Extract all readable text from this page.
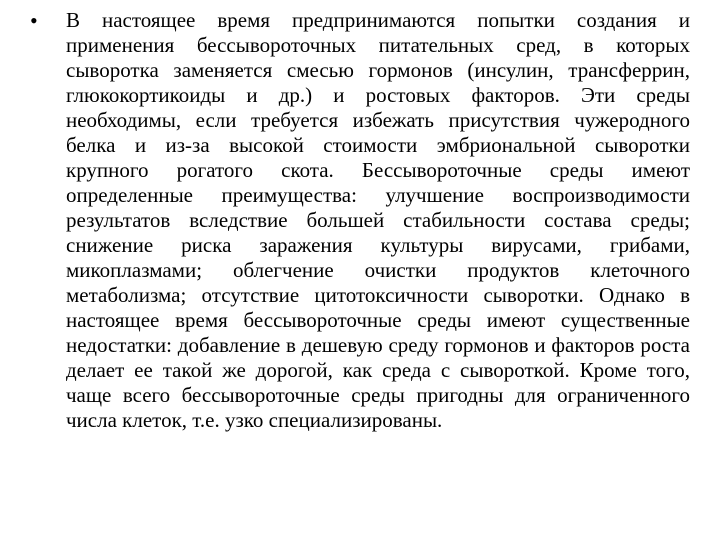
•	В настоящее время предпринимаются попытки создания и применения бессывороточных питательных сред, в которых сыворотка заменяется смесью гормонов (инсулин, трансферрин, глюкокортикоиды и др.) и ростовых факторов. Эти среды необходимы, если требуется избежать присутствия чужеродного белка и из-за высокой стоимости эмбриональной сыворотки крупного рогатого скота. Бессывороточные среды имеют определенные преимущества: улучшение воспроизводимости результатов вследствие большей стабильности состава среды; снижение риска заражения культуры вирусами, грибами, микоплазмами; облегчение очистки продуктов клеточного метаболизма; отсутствие цитотоксичности сыворотки. Однако в настоящее время бессывороточные среды имеют существенные недостатки: добавление в дешевую среду гормонов и факторов роста делает ее такой же дорогой, как среда с сывороткой. Кроме того, чаще всего бессывороточные среды пригодны для ограниченного числа клеток, т.е. узко специализированы.
